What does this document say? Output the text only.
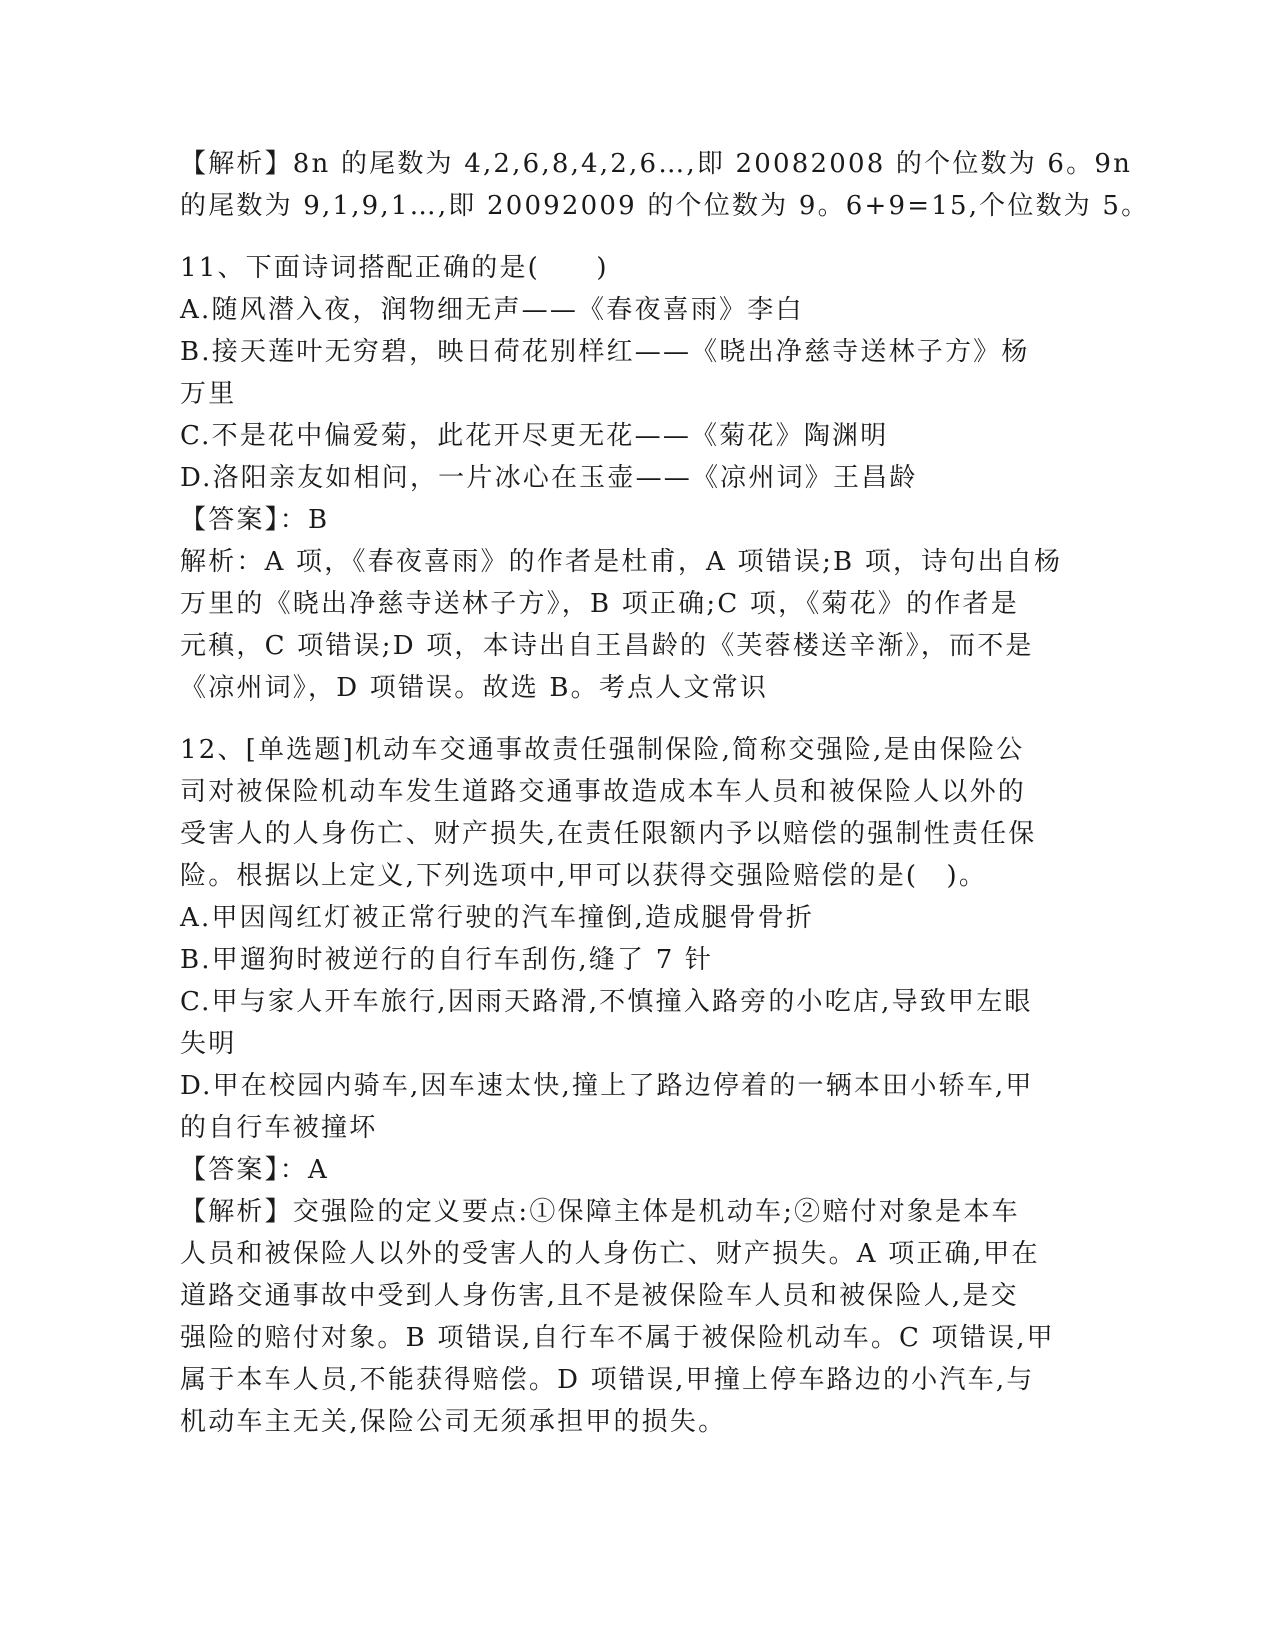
【解析】8n 的尾数为 4,2,6,8,4,2,6…,即 20082008 的个位数为 6。9n
的尾数为 9,1,9,1…,即 20092009 的个位数为 9。6+9=15,个位数为 5。
11、下面诗词搭配正确的是(　　)
A.随风潜入夜，润物细无声——《春夜喜雨》李白
B.接天莲叶无穷碧，映日荷花别样红——《晓出净慈寺送林子方》杨
万里
C.不是花中偏爱菊，此花开尽更无花——《菊花》陶渊明
D.洛阳亲友如相问，一片冰心在玉壶——《凉州词》王昌龄
【答案】：B
解析：A 项，《春夜喜雨》的作者是杜甫，A 项错误;B 项，诗句出自杨
万里的《晓出净慈寺送林子方》，B 项正确;C 项，《菊花》的作者是
元稹，C 项错误;D 项，本诗出自王昌龄的《芙蓉楼送辛渐》，而不是
《凉州词》，D 项错误。故选 B。考点人文常识
12、[单选题]机动车交通事故责任强制保险,简称交强险,是由保险公
司对被保险机动车发生道路交通事故造成本车人员和被保险人以外的
受害人的人身伤亡、财产损失,在责任限额内予以赔偿的强制性责任保
险。根据以上定义,下列选项中,甲可以获得交强险赔偿的是(　)。
A.甲因闯红灯被正常行驶的汽车撞倒,造成腿骨骨折
B.甲遛狗时被逆行的自行车刮伤,缝了 7 针
C.甲与家人开车旅行,因雨天路滑,不慎撞入路旁的小吃店,导致甲左眼
失明
D.甲在校园内骑车,因车速太快,撞上了路边停着的一辆本田小轿车,甲
的自行车被撞坏
【答案】：A
【解析】交强险的定义要点:①保障主体是机动车;②赔付对象是本车
人员和被保险人以外的受害人的人身伤亡、财产损失。A 项正确,甲在
道路交通事故中受到人身伤害,且不是被保险车人员和被保险人,是交
强险的赔付对象。B 项错误,自行车不属于被保险机动车。C 项错误,甲
属于本车人员,不能获得赔偿。D 项错误,甲撞上停车路边的小汽车,与
机动车主无关,保险公司无须承担甲的损失。
